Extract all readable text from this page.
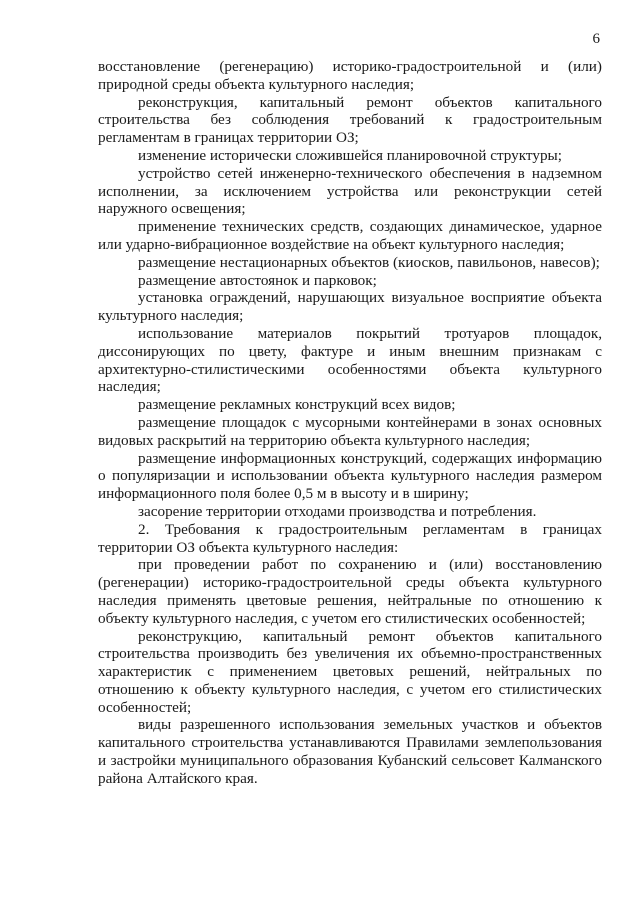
6

восстановление (регенерацию) историко-градостроительной и (или) природной среды объекта культурного наследия;

реконструкция, капитальный ремонт объектов капитального строительства без соблюдения требований к градостроительным регламентам в границах территории ОЗ;

изменение исторически сложившейся планировочной структуры;

устройство сетей инженерно-технического обеспечения в надземном исполнении, за исключением устройства или реконструкции сетей наружного освещения;

применение технических средств, создающих динамическое, ударное или ударно-вибрационное воздействие на объект культурного наследия;

размещение нестационарных объектов (киосков, павильонов, навесов);

размещение автостоянок и парковок;

установка ограждений, нарушающих визуальное восприятие объекта культурного наследия;

использование материалов покрытий тротуаров площадок, диссонирующих по цвету, фактуре и иным внешним признакам с архитектурно-стилистическими особенностями объекта культурного наследия;

размещение рекламных конструкций всех видов;

размещение площадок с мусорными контейнерами в зонах основных видовых раскрытий на территорию объекта культурного наследия;

размещение информационных конструкций, содержащих информацию о популяризации и использовании объекта культурного наследия размером информационного поля более 0,5 м в высоту и в ширину;

засорение территории отходами производства и потребления.

2. Требования к градостроительным регламентам в границах территории ОЗ объекта культурного наследия:

при проведении работ по сохранению и (или) восстановлению (регенерации) историко-градостроительной среды объекта культурного наследия применять цветовые решения, нейтральные по отношению к объекту культурного наследия, с учетом его стилистических особенностей;

реконструкцию, капитальный ремонт объектов капитального строительства производить без увеличения их объемно-пространственных характеристик с применением цветовых решений, нейтральных по отношению к объекту культурного наследия, с учетом его стилистических особенностей;

виды разрешенного использования земельных участков и объектов капитального строительства устанавливаются Правилами землепользования и застройки муниципального образования Кубанский сельсовет Калманского района Алтайского края.
